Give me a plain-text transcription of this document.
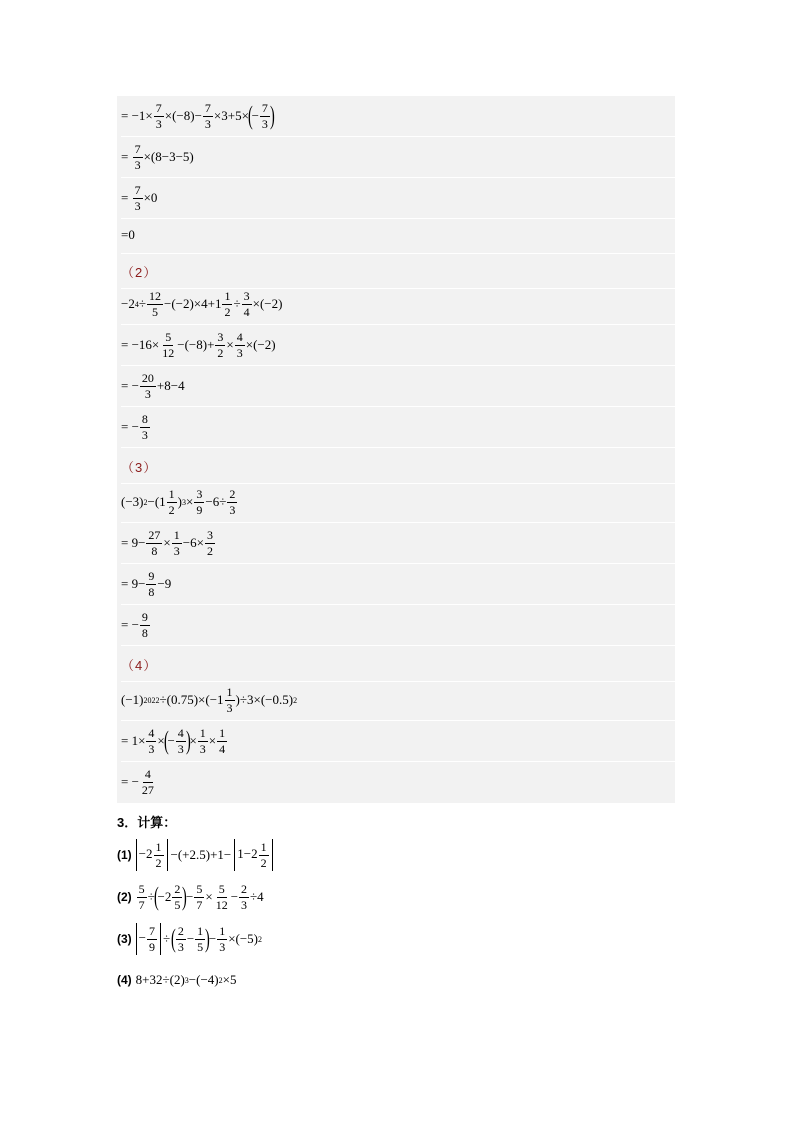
= $-1\times \frac{7}{3} \times(-8)- \frac{7}{3} \times 3+5\times$
(
− $\frac{7}{3}$ )
= $\frac{7}{3} \times(8-3-5)$
= $\frac{7}{3} \times 0$
=0
（2）
−2 $4 \div \frac{12}{5} -(-2)\times 4+1 \frac{1}{2} \div \frac{3}{4} \times(-2)$
= $-16\times \frac{5}{12} -(-8)+ \frac{3}{2} \times \frac{4}{3} \times(-2)$
= − $\frac{20}{3} +8-4$
= − $\frac{8}{3}$
（3）
(−3) $2 -(1 \frac{1}{2}$ ) $3 \times \frac{3}{9} -6\div \frac{2}{3}$
= $9- \frac{27}{8} \times \frac{1}{3} -6\times \frac{3}{2}$
= $9- \frac{9}{8} -9$
= − $\frac{9}{8}$
（4）
(−1) $2022 \div(0.75)\times(-1 \frac{1}{3} )\div 3\times(-0.5)$ 2
= $1\times \frac{4}{3}$ ×
(
− $\frac{4}{3}$ )
× $\frac{1}{3} \times \frac{1}{4}$
= − $\frac{4}{27}$
3．计算：
$(1) -2 \frac{1}{2} -(+2.5)+1- 1-2 \frac{1}{2}$
$(2) \frac{5}{7}$ ÷
(
$-2 \frac{2}{5}$ )
− $\frac{5}{7} \times \frac{5}{12} - \frac{2}{3} \div 4$
$(3) - \frac{7}{9}$ ÷ ( $\frac{2}{3} - \frac{1}{5}$ )
− $\frac{1}{3} \times(-5)$ 2
(4) 8+32÷(2) 3 −(−4) 2 ×5
